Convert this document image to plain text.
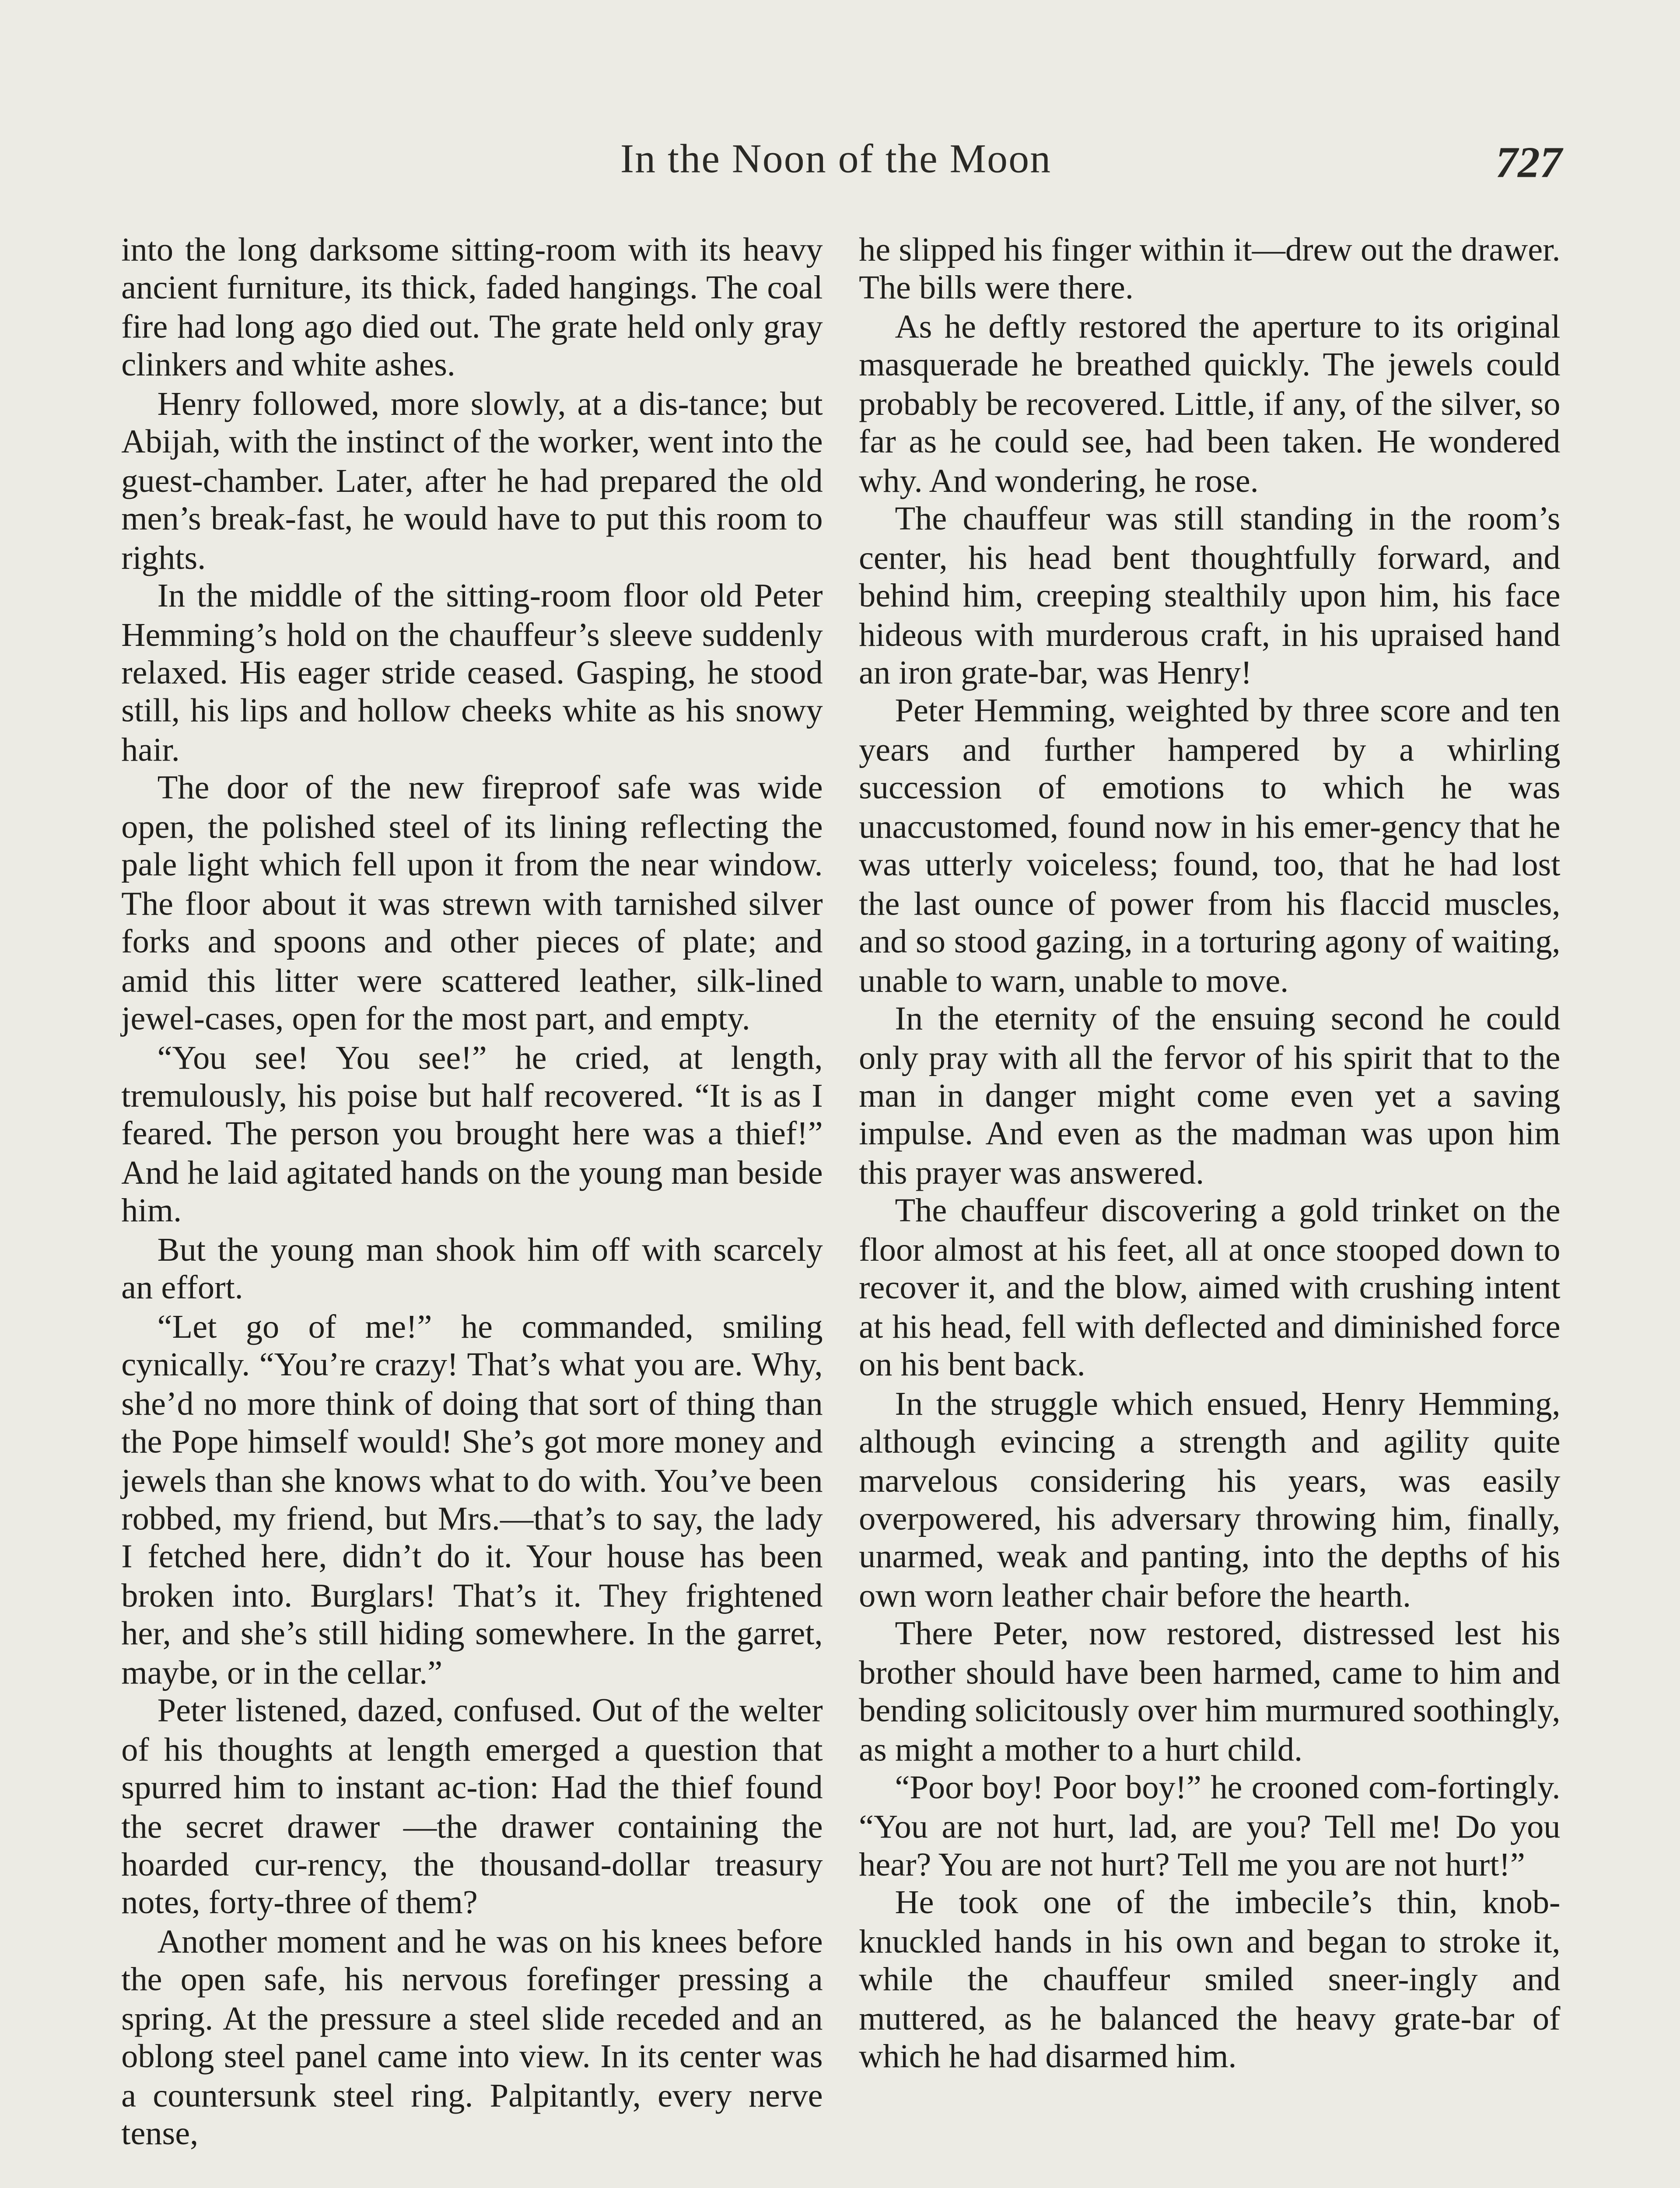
In the Noon of the Moon	727

into the long darksome sitting-room with its heavy ancient furniture, its thick, faded hangings. The coal fire had long ago died out. The grate held only gray clinkers and white ashes.

Henry followed, more slowly, at a dis-tance; but Abijah, with the instinct of the worker, went into the guest-chamber. Later, after he had prepared the old men’s break-fast, he would have to put this room to rights.

In the middle of the sitting-room floor old Peter Hemming’s hold on the chauffeur’s sleeve suddenly relaxed. His eager stride ceased. Gasping, he stood still, his lips and hollow cheeks white as his snowy hair.

The door of the new fireproof safe was wide open, the polished steel of its lining reflecting the pale light which fell upon it from the near window. The floor about it was strewn with tarnished silver forks and spoons and other pieces of plate; and amid this litter were scattered leather, silk-lined jewel-cases, open for the most part, and empty.

“You see! You see!” he cried, at length, tremulously, his poise but half recovered. “It is as I feared. The person you brought here was a thief!” And he laid agitated hands on the young man beside him.

But the young man shook him off with scarcely an effort.

“Let go of me!” he commanded, smiling cynically. “You’re crazy! That’s what you are. Why, she’d no more think of doing that sort of thing than the Pope himself would! She’s got more money and jewels than she knows what to do with. You’ve been robbed, my friend, but Mrs.—that’s to say, the lady I fetched here, didn’t do it. Your house has been broken into. Burglars! That’s it. They frightened her, and she’s still hiding somewhere. In the garret, maybe, or in the cellar.”

Peter listened, dazed, confused. Out of the welter of his thoughts at length emerged a question that spurred him to instant ac-tion: Had the thief found the secret drawer —the drawer containing the hoarded cur-rency, the thousand-dollar treasury notes, forty-three of them?

Another moment and he was on his knees before the open safe, his nervous forefinger pressing a spring. At the pressure a steel slide receded and an oblong steel panel came into view. In its center was a countersunk steel ring. Palpitantly, every nerve tense,

he slipped his finger within it—drew out the drawer. The bills were there.

As he deftly restored the aperture to its original masquerade he breathed quickly. The jewels could probably be recovered. Little, if any, of the silver, so far as he could see, had been taken. He wondered why. And wondering, he rose.

The chauffeur was still standing in the room’s center, his head bent thoughtfully forward, and behind him, creeping stealthily upon him, his face hideous with murderous craft, in his upraised hand an iron grate-bar, was Henry!

Peter Hemming, weighted by three score and ten years and further hampered by a whirling succession of emotions to which he was unaccustomed, found now in his emer-gency that he was utterly voiceless; found, too, that he had lost the last ounce of power from his flaccid muscles, and so stood gazing, in a torturing agony of waiting, unable to warn, unable to move.

In the eternity of the ensuing second he could only pray with all the fervor of his spirit that to the man in danger might come even yet a saving impulse. And even as the madman was upon him this prayer was answered.

The chauffeur discovering a gold trinket on the floor almost at his feet, all at once stooped down to recover it, and the blow, aimed with crushing intent at his head, fell with deflected and diminished force on his bent back.

In the struggle which ensued, Henry Hemming, although evincing a strength and agility quite marvelous considering his years, was easily overpowered, his adversary throwing him, finally, unarmed, weak and panting, into the depths of his own worn leather chair before the hearth.

There Peter, now restored, distressed lest his brother should have been harmed, came to him and bending solicitously over him murmured soothingly, as might a mother to a hurt child.

“Poor boy! Poor boy!” he crooned com-fortingly. “You are not hurt, lad, are you? Tell me! Do you hear? You are not hurt? Tell me you are not hurt!”

He took one of the imbecile’s thin, knob-knuckled hands in his own and began to stroke it, while the chauffeur smiled sneer-ingly and muttered, as he balanced the heavy grate-bar of which he had disarmed him.
